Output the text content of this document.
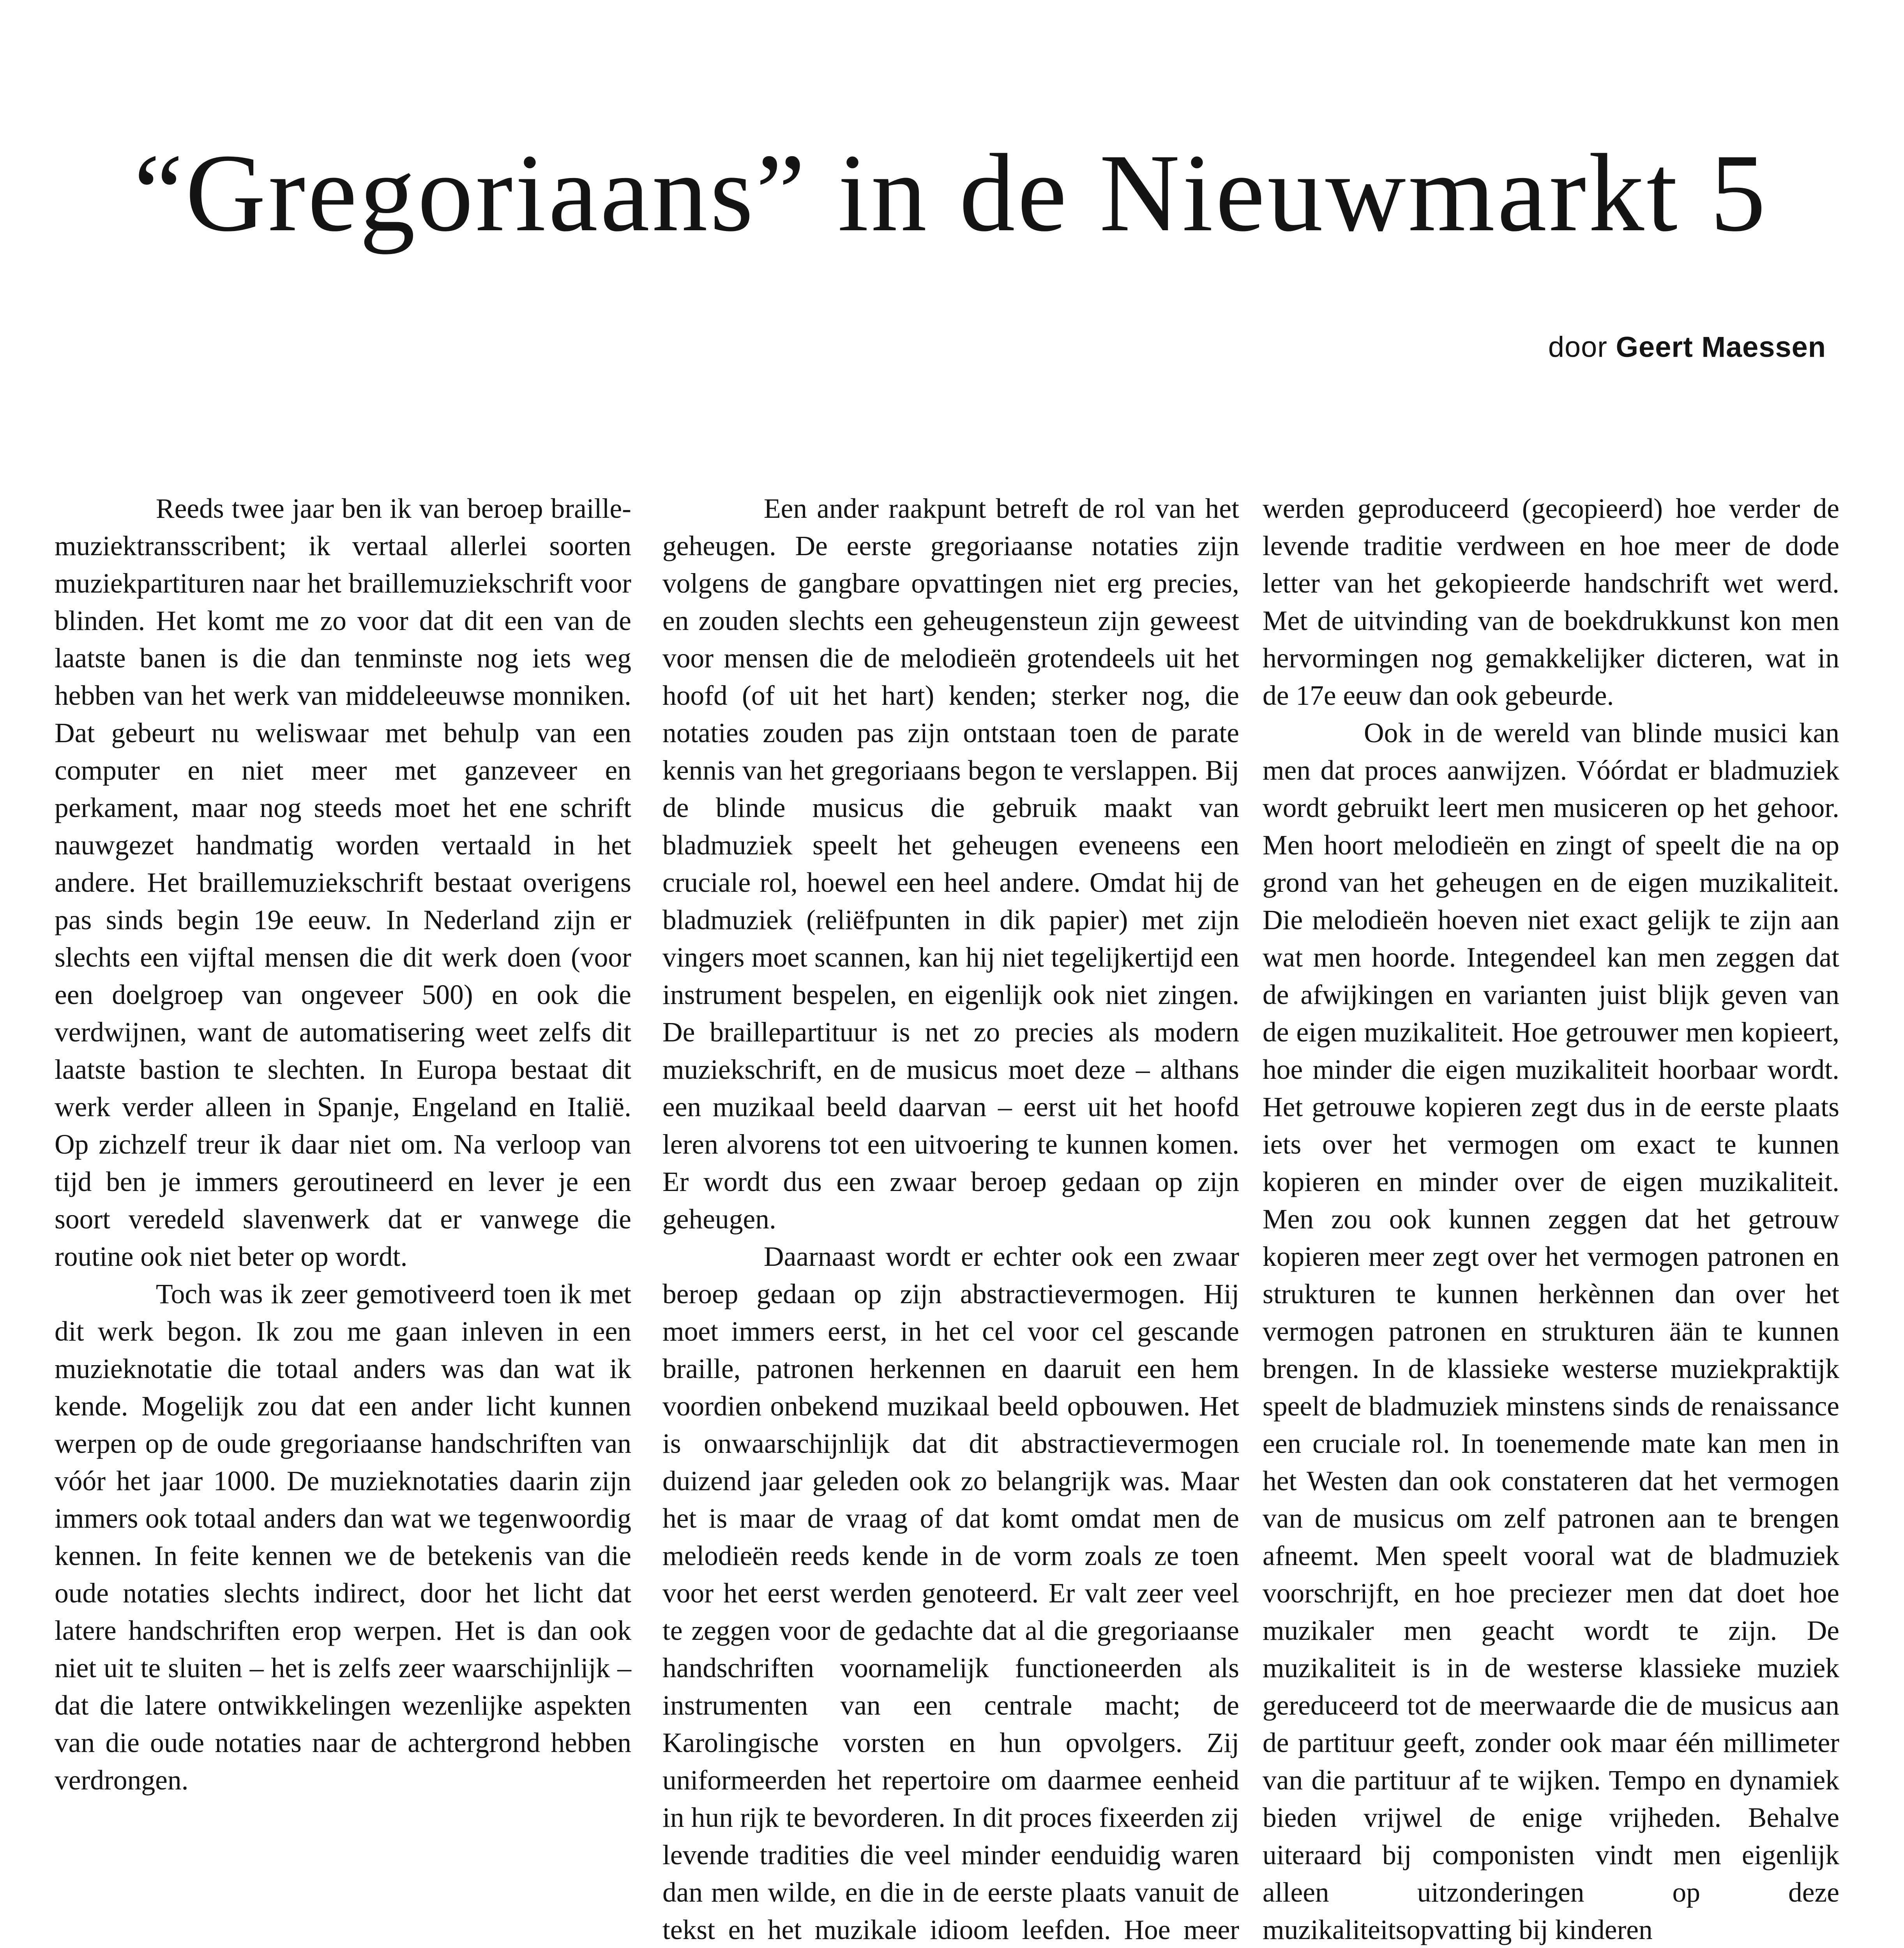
“Gregoriaans” in de Nieuwmarkt 5
door Geert Maessen

Reeds twee jaar ben ik van beroep braille-muziektransscribent; ik vertaal allerlei soorten muziekpartituren naar het braillemuziekschrift voor blinden. Het komt me zo voor dat dit een van de laatste banen is die dan tenminste nog iets weg hebben van het werk van middeleeuwse monniken. Dat gebeurt nu weliswaar met behulp van een computer en niet meer met ganzeveer en perkament, maar nog steeds moet het ene schrift nauwgezet handmatig worden vertaald in het andere. Het braillemuziekschrift bestaat overigens pas sinds begin 19e eeuw. In Nederland zijn er slechts een vijftal mensen die dit werk doen (voor een doelgroep van ongeveer 500) en ook die verdwijnen, want de automatisering weet zelfs dit laatste bastion te slechten. In Europa bestaat dit werk verder alleen in Spanje, Engeland en Italië. Op zichzelf treur ik daar niet om. Na verloop van tijd ben je immers geroutineerd en lever je een soort veredeld slavenwerk dat er vanwege die routine ook niet beter op wordt.

Toch was ik zeer gemotiveerd toen ik met dit werk begon. Ik zou me gaan inleven in een muzieknotatie die totaal anders was dan wat ik kende. Mogelijk zou dat een ander licht kunnen werpen op de oude gregoriaanse handschriften van vóór het jaar 1000. De muzieknotaties daarin zijn immers ook totaal anders dan wat we tegenwoordig kennen. In feite kennen we de betekenis van die oude notaties slechts indirect, door het licht dat latere handschriften erop werpen. Het is dan ook niet uit te sluiten – het is zelfs zeer waarschijnlijk – dat die latere ontwikkelingen wezenlijke aspekten van die oude notaties naar de achtergrond hebben verdrongen.

Een ander raakpunt betreft de rol van het geheugen. De eerste gregoriaanse notaties zijn volgens de gangbare opvattingen niet erg precies, en zouden slechts een geheugensteun zijn geweest voor mensen die de melodieën grotendeels uit het hoofd (of uit het hart) kenden; sterker nog, die notaties zouden pas zijn ontstaan toen de parate kennis van het gregoriaans begon te verslappen. Bij de blinde musicus die gebruik maakt van bladmuziek speelt het geheugen eveneens een cruciale rol, hoewel een heel andere. Omdat hij de bladmuziek (reliëfpunten in dik papier) met zijn vingers moet scannen, kan hij niet tegelijkertijd een instrument bespelen, en eigenlijk ook niet zingen. De braillepartituur is net zo precies als modern muziekschrift, en de musicus moet deze – althans een muzikaal beeld daarvan – eerst uit het hoofd leren alvorens tot een uitvoering te kunnen komen. Er wordt dus een zwaar beroep gedaan op zijn geheugen.

Daarnaast wordt er echter ook een zwaar beroep gedaan op zijn abstractievermogen. Hij moet immers eerst, in het cel voor cel gescande braille, patronen herkennen en daaruit een hem voordien onbekend muzikaal beeld opbouwen. Het is onwaarschijnlijk dat dit abstractievermogen duizend jaar geleden ook zo belangrijk was. Maar het is maar de vraag of dat komt omdat men de melodieën reeds kende in de vorm zoals ze toen voor het eerst werden genoteerd. Er valt zeer veel te zeggen voor de gedachte dat al die gregoriaanse handschriften voornamelijk functioneerden als instrumenten van een centrale macht; de Karolingische vorsten en hun opvolgers. Zij uniformeerden het repertoire om daarmee eenheid in hun rijk te bevorderen. In dit proces fixeerden zij levende tradities die veel minder eenduidig waren dan men wilde, en die in de eerste plaats vanuit de tekst en het muzikale idioom leefden. Hoe meer

werden geproduceerd (gecopieerd) hoe verder de levende traditie verdween en hoe meer de dode letter van het gekopieerde handschrift wet werd. Met de uitvinding van de boekdrukkunst kon men hervormingen nog gemakkelijker dicteren, wat in de 17e eeuw dan ook gebeurde.

Ook in de wereld van blinde musici kan men dat proces aanwijzen. Vóórdat er bladmuziek wordt gebruikt leert men musiceren op het gehoor. Men hoort melodieën en zingt of speelt die na op grond van het geheugen en de eigen muzikaliteit. Die melodieën hoeven niet exact gelijk te zijn aan wat men hoorde. Integendeel kan men zeggen dat de afwijkingen en varianten juist blijk geven van de eigen muzikaliteit. Hoe getrouwer men kopieert, hoe minder die eigen muzikaliteit hoorbaar wordt. Het getrouwe kopieren zegt dus in de eerste plaats iets over het vermogen om exact te kunnen kopieren en minder over de eigen muzikaliteit. Men zou ook kunnen zeggen dat het getrouw kopieren meer zegt over het vermogen patronen en strukturen te kunnen herkènnen dan over het vermogen patronen en strukturen ään te kunnen brengen. In de klassieke westerse muziekpraktijk speelt de bladmuziek minstens sinds de renaissance een cruciale rol. In toenemende mate kan men in het Westen dan ook constateren dat het vermogen van de musicus om zelf patronen aan te brengen afneemt. Men speelt vooral wat de bladmuziek voorschrijft, en hoe preciezer men dat doet hoe muzikaler men geacht wordt te zijn. De muzikaliteit is in de westerse klassieke muziek gereduceerd tot de meerwaarde die de musicus aan de partituur geeft, zonder ook maar één millimeter van die partituur af te wijken. Tempo en dynamiek bieden vrijwel de enige vrijheden. Behalve uiteraard bij componisten vindt men eigenlijk alleen uitzonderingen op deze muzikaliteitsopvatting bij kinderen
